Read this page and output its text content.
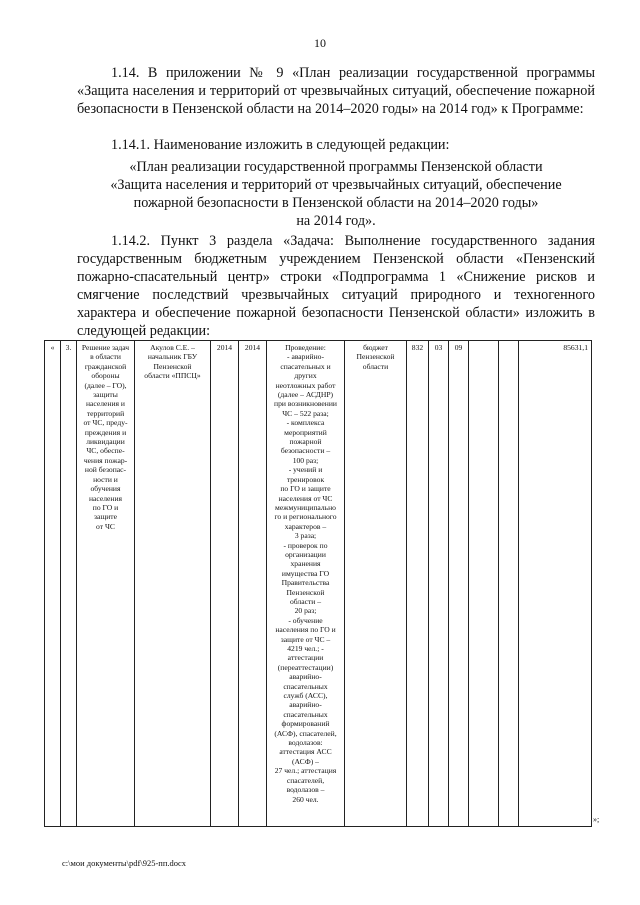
10
1.14. В приложении № 9 «План реализации государственной программы «Защита населения и территорий от чрезвычайных ситуаций, обеспечение пожарной безопасности в Пензенской области на 2014–2020 годы» на 2014 год» к Программе:
1.14.1. Наименование изложить в следующей редакции:
«План реализации государственной программы Пензенской области
«Защита населения и территорий от чрезвычайных ситуаций, обеспечение
пожарной безопасности в Пензенской области на 2014–2020 годы»
на 2014 год».
1.14.2. Пункт 3 раздела «Задача: Выполнение государственного задания государственным бюджетным учреждением Пензенской области «Пензенский пожарно-спасательный центр» строки «Подпрограмма 1 «Снижение рисков и смягчение последствий чрезвычайных ситуаций природного и техногенного характера и обеспечение пожарной безопасности Пензенской области» изложить в следующей редакции:
«	3.	Решение задач
в области
гражданской
обороны
(далее – ГО),
защиты
населения и
территорий
от ЧС, преду-
преждения и
ликвидации
ЧС, обеспе-
чения пожар-
ной безопас-
ности и
обучения
населения
по ГО и
защите
от ЧС	Акулов С.Е. –
начальник ГБУ
Пензенской
области «ППСЦ»	2014	2014	Проведение:
- аварийно-
спасательных и
других
неотложных работ
(далее – АСДНР)
при возникновении
ЧС – 522 раза;
- комплекса
мероприятий
пожарной
безопасности –
100 раз;
- учений и
тренировок
по ГО и защите
населения от ЧС
межмуниципально
го и регионального
характеров –
3 раза;
- проверок по
организации
хранения
имущества ГО
Правительства
Пензенской
области –
20 раз;
- обучение
населения по ГО и
защите от ЧС –
4219 чел.; -
аттестации
(переаттестации)
аварийно-
спасательных
служб (АСС),
аварийно-
спасательных
формирований
(АСФ), спасателей,
водолазов:
аттестация АСС
(АСФ) –
27 чел.; аттестация
спасателей,
водолазов –
260 чел.	бюджет
Пензенской
области	832	03	09			85631,1
»;
c:\мои документы\pdf\925-пп.docx
